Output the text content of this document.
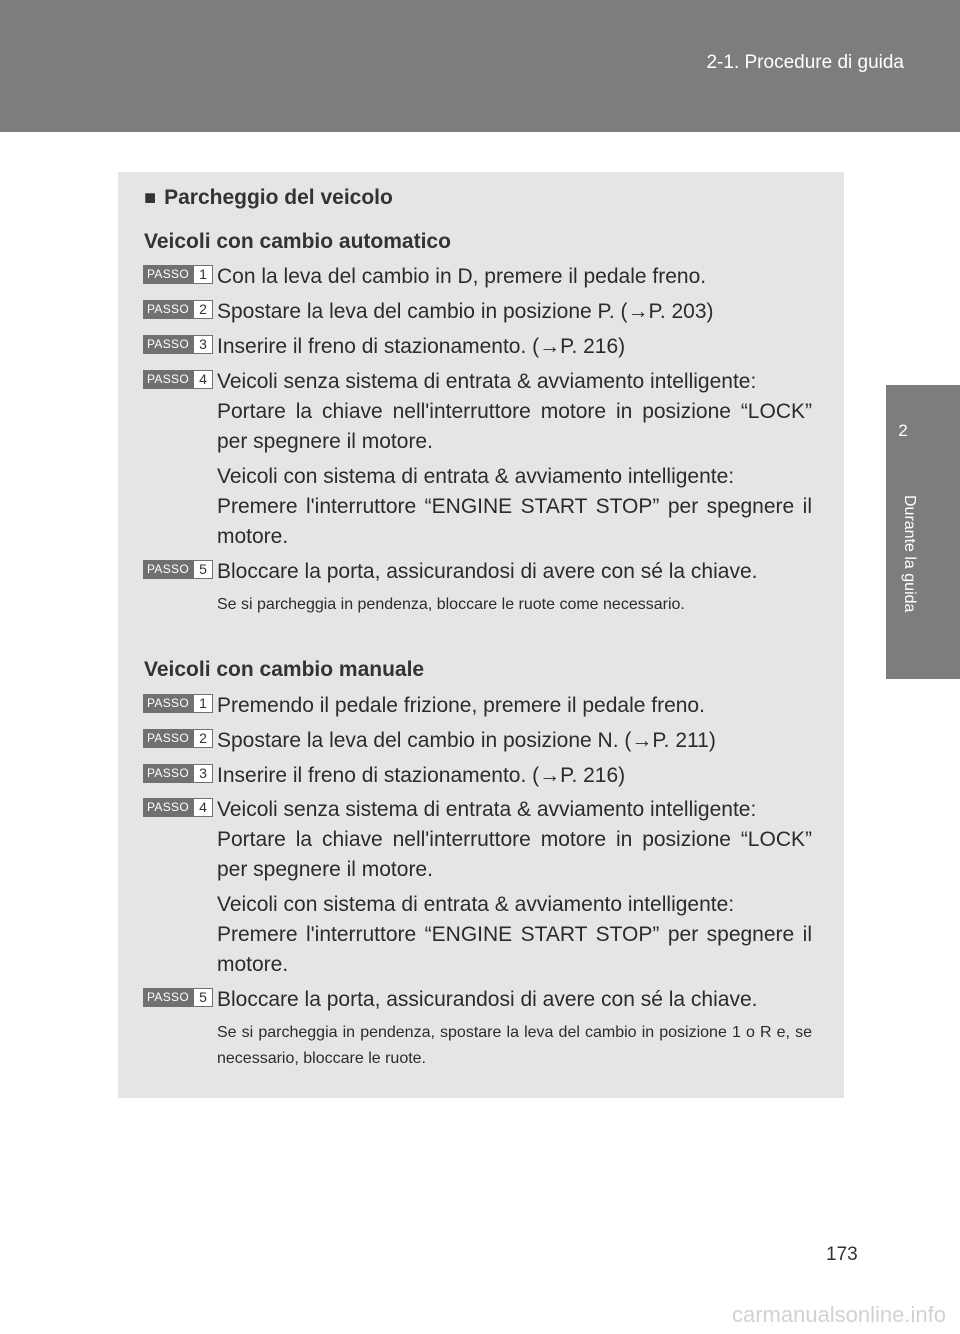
2-1. Procedure di guida
2
Durante la guida
■ Parcheggio del veicolo
Veicoli con cambio automatico
PASSO 1 Con la leva del cambio in D, premere il pedale freno.
PASSO 2 Spostare la leva del cambio in posizione P. (→P. 203)
PASSO 3 Inserire il freno di stazionamento. (→P. 216)
PASSO 4 Veicoli senza sistema di entrata & avviamento intelligente:
Portare la chiave nell'interruttore motore in posizione “LOCK” per spegnere il motore.
Veicoli con sistema di entrata & avviamento intelligente:
Premere l'interruttore “ENGINE START STOP” per spegnere il motore.
PASSO 5 Bloccare la porta, assicurandosi di avere con sé la chiave.
Se si parcheggia in pendenza, bloccare le ruote come necessario.
Veicoli con cambio manuale
PASSO 1 Premendo il pedale frizione, premere il pedale freno.
PASSO 2 Spostare la leva del cambio in posizione N. (→P. 211)
PASSO 3 Inserire il freno di stazionamento. (→P. 216)
PASSO 4 Veicoli senza sistema di entrata & avviamento intelligente:
Portare la chiave nell'interruttore motore in posizione “LOCK” per spegnere il motore.
Veicoli con sistema di entrata & avviamento intelligente:
Premere l'interruttore “ENGINE START STOP” per spegnere il motore.
PASSO 5 Bloccare la porta, assicurandosi di avere con sé la chiave.
Se si parcheggia in pendenza, spostare la leva del cambio in posizione 1 o R e, se necessario, bloccare le ruote.
173
carmanualsonline.info
